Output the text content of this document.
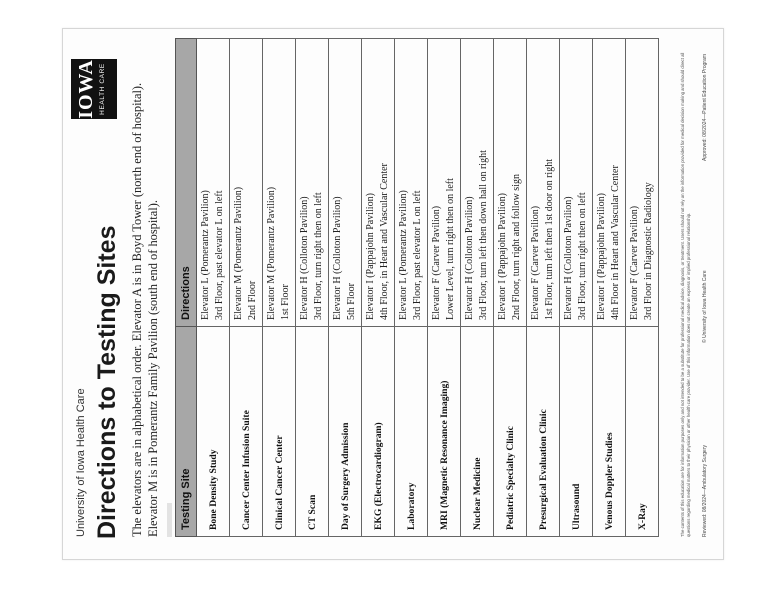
University of Iowa Health Care Directions to Testing Sites The elevators are in alphabetical order. Elevator A is in Boyd Tower (north end of hospital). Elevator M is in Pomerantz Family Pavilion (south end of hospital).
IOWA HEALTH CARE
Testing Site	Directions
Bone Density Study	Elevator L (Pomerantz Pavilion) 3rd Floor, past elevator L on left

Cancer Center Infusion Suite	Elevator M (Pomerantz Pavilion) 2nd Floor

Clinical Cancer Center	Elevator M (Pomerantz Pavilion) 1st Floor

CT Scan	Elevator H (Colloton Pavilion) 3rd Floor, turn right then on left

Day of Surgery Admission	Elevator H (Colloton Pavilion) 5th Floor

EKG (Electrocardiogram)	Elevator I (Pappajohn Pavilion) 4th Floor, in Heart and Vascular Center

Laboratory	Elevator L (Pomerantz Pavilion) 3rd Floor, past elevator L on left

MRI (Magnetic Resonance Imaging)	Elevator F (Carver Pavilion) Lower Level, turn right then on left

Nuclear Medicine	Elevator H (Colloton Pavilion) 3rd Floor, turn left then down hall on right

Pediatric Specialty Clinic	Elevator I (Pappajohn Pavilion) 2nd Floor, turn right and follow sign

Presurgical Evaluation Clinic	Elevator F (Carver Pavilion) 1st Floor, turn left then 1st door on right

Ultrasound	Elevator H (Colloton Pavilion) 3rd Floor, turn right then on left

Venous Doppler Studies	Elevator I (Pappajohn Pavilion) 4th Floor in Heart and Vascular Center

X-Ray	Elevator F (Carver Pavilion) 3rd Floor in Diagnostic Radiology	The contents of this education are for information purposes only and not intended to be a substitute for professional medical advice, diagnosis, or treatment. Users should not rely on the information provided for medical decision making and should direct all questions regarding medical matters to their physician or other health care provider. Use of this information does not create an express or implied professional relationship. Reviewed: 08/2024—Ambulatory Surgery
© University of Iowa Health Care
Approved: 08/2024—Patient Education Program
